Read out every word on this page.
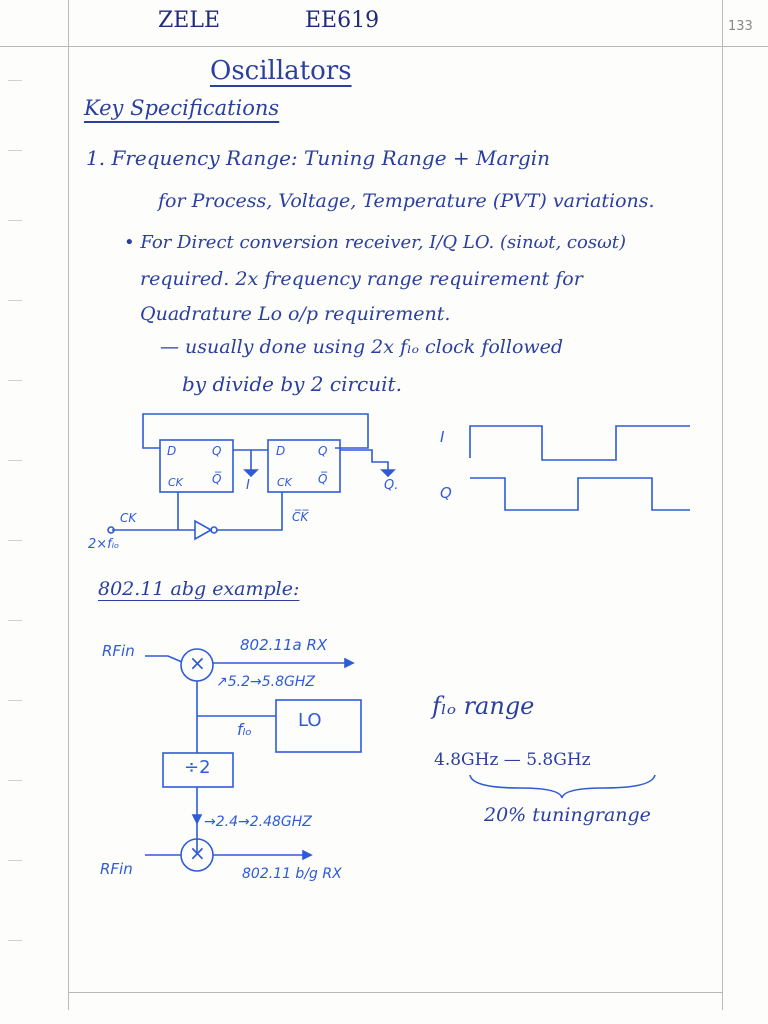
ZELE	EE619	133
Oscillators
Key Specifications
1. Frequency Range: Tuning Range + Margin
for Process, Voltage, Temperature (PVT) variations.
• For Direct conversion receiver, I/Q LO. (sinωt, cosωt)
required. 2x frequency range requirement for
Quadrature Lo o/p requirement.
— usually done using 2x fₗₒ clock followed
by divide by 2 circuit.
D	Q
Q̅
CK
D	Q
Q̅
CK
I	Q.
CK	C̅K̅
2×fₗₒ
I
Q
802.11 abg example:
×
×
RFin	802.11a RX
↗5.2→5.8GHZ
fₗₒ	LO
÷2
→2.4→2.48GHZ
RFin	802.11 b/g RX
fₗₒ range
4.8GHz — 5.8GHz
20% tuningrange
